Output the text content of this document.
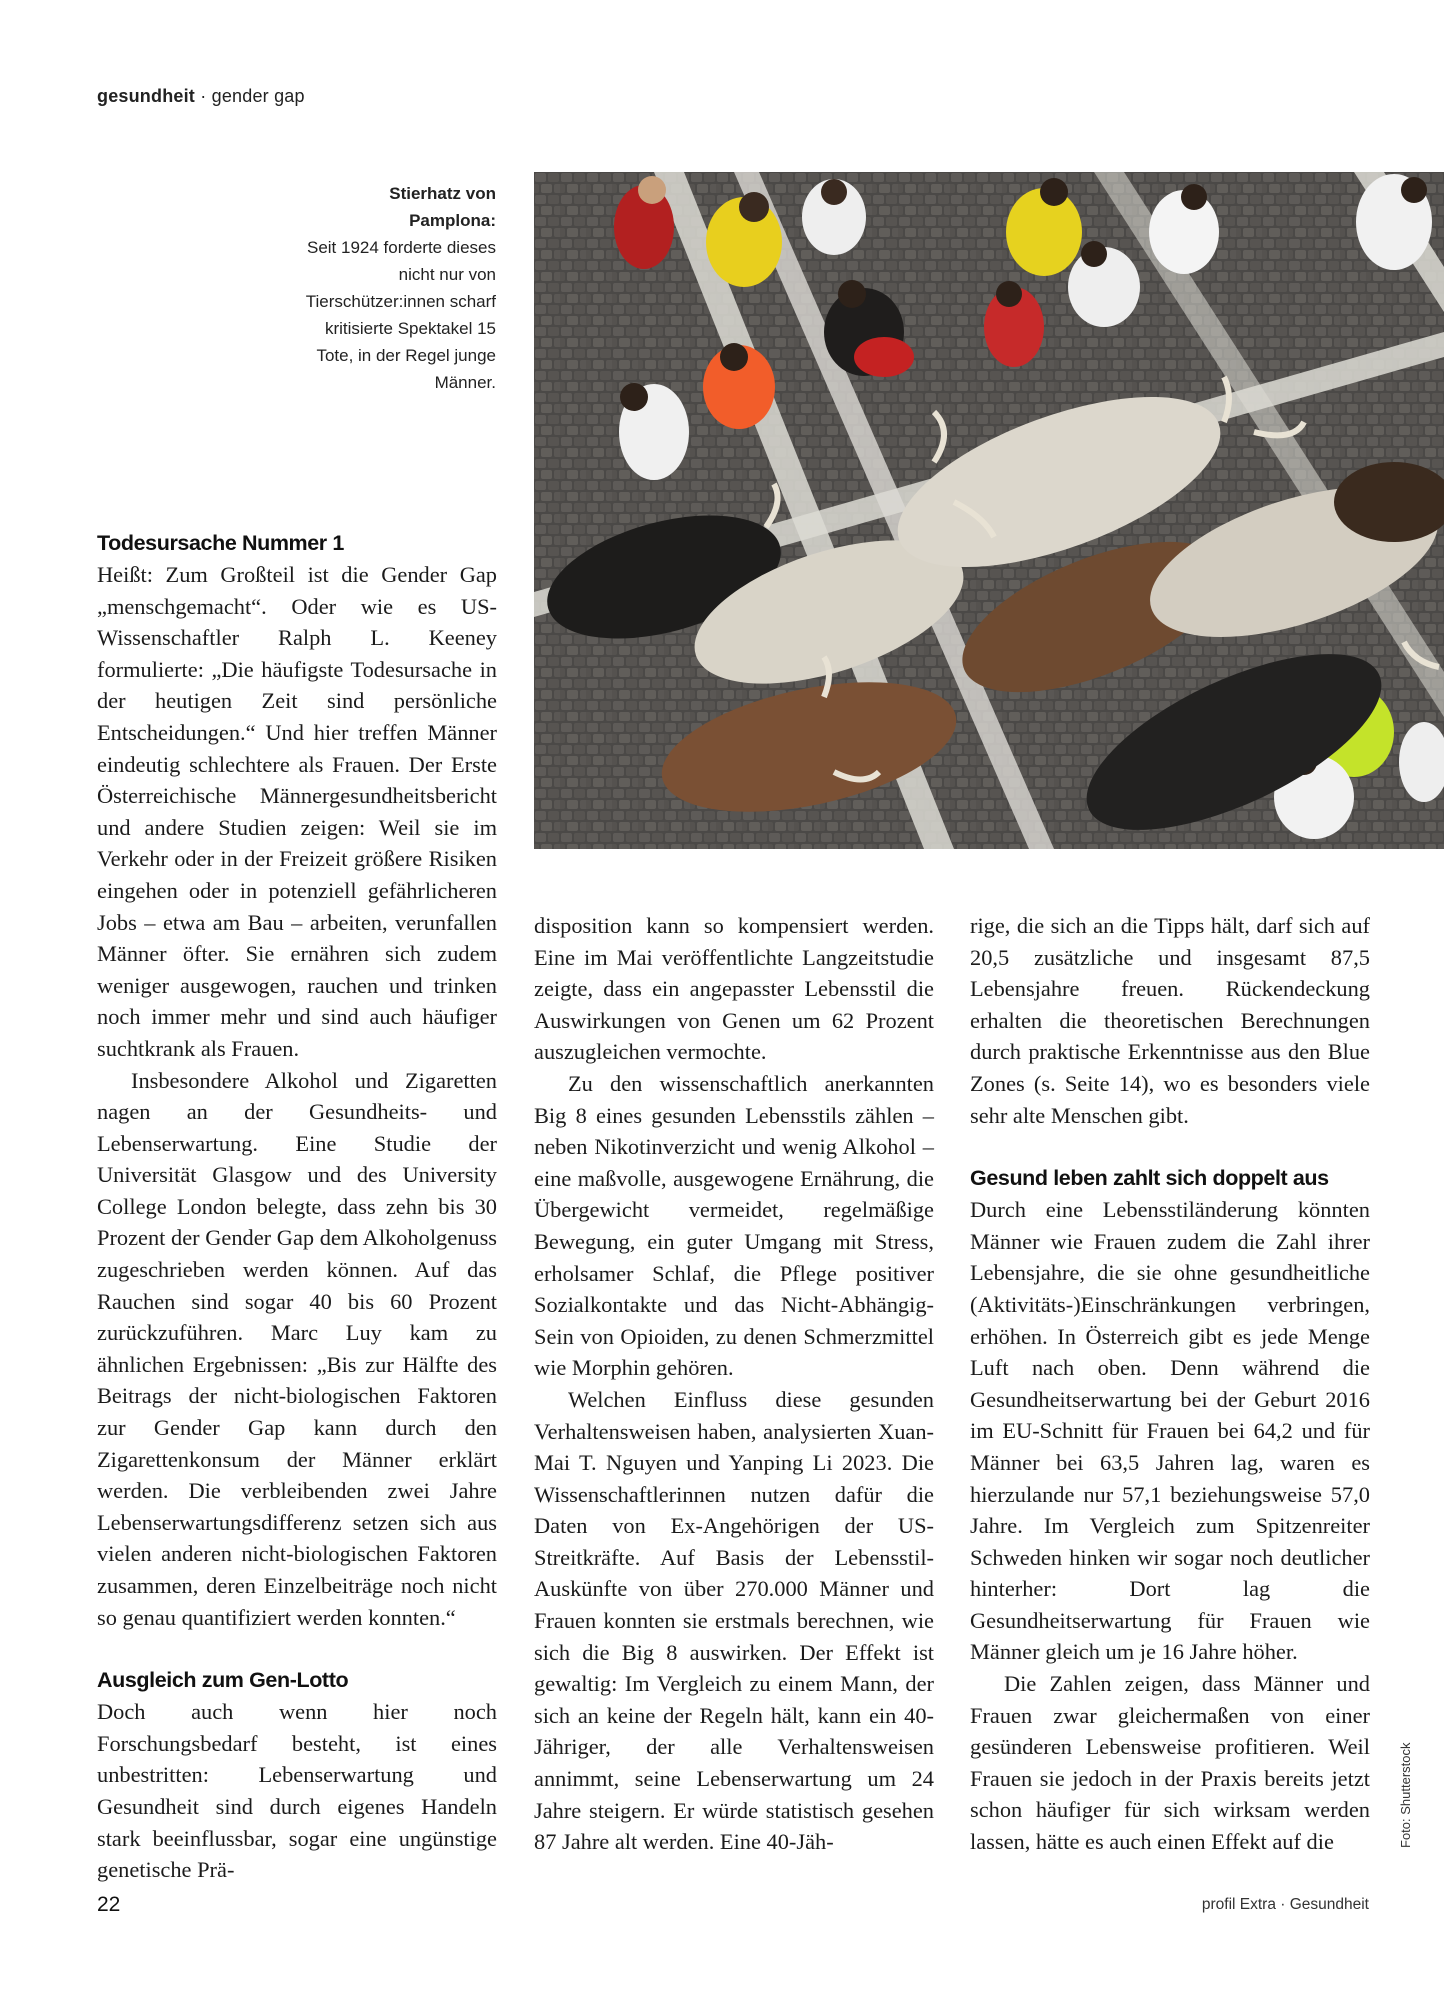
gesundheit · gender gap
Stierhatz von Pamplona:
Seit 1924 forderte dieses nicht nur von Tierschützer:innen scharf kritisierte Spektakel 15 Tote, in der Regel junge Männer.
Todesursache Nummer 1

Heißt: Zum Großteil ist die Gender Gap „menschgemacht“. Oder wie es US-Wissenschaftler Ralph L. Keeney formulierte: „Die häufigste Todesursache in der heutigen Zeit sind persönliche Entscheidungen.“ Und hier treffen Männer eindeutig schlechtere als Frauen. Der Erste Österreichische Männergesundheitsbericht und andere Studien zeigen: Weil sie im Verkehr oder in der Freizeit größere Risiken eingehen oder in potenziell gefährlicheren Jobs – etwa am Bau – arbeiten, verunfallen Männer öfter. Sie ernähren sich zudem weniger ausgewogen, rauchen und trinken noch immer mehr und sind auch häufiger suchtkrank als Frauen.

Insbesondere Alkohol und Zigaretten nagen an der Gesundheits- und Lebenserwartung. Eine Studie der Universität Glasgow und des University College London belegte, dass zehn bis 30 Prozent der Gender Gap dem Alkoholgenuss zugeschrieben werden können. Auf das Rauchen sind sogar 40 bis 60 Prozent zurückzuführen. Marc Luy kam zu ähnlichen Ergebnissen: „Bis zur Hälfte des Beitrags der nicht-biologischen Faktoren zur Gender Gap kann durch den Zigarettenkonsum der Männer erklärt werden. Die verbleibenden zwei Jahre Lebenserwartungsdifferenz setzen sich aus vielen anderen nicht-biologischen Faktoren zusammen, deren Einzelbeiträge noch nicht so genau quantifiziert werden konnten.“

Ausgleich zum Gen-Lotto

Doch auch wenn hier noch Forschungsbedarf besteht, ist eines unbestritten: Lebenserwartung und Gesundheit sind durch eigenes Handeln stark beeinflussbar, sogar eine ungünstige genetische Prä-

disposition kann so kompensiert werden. Eine im Mai veröffentlichte Langzeitstudie zeigte, dass ein angepasster Lebensstil die Auswirkungen von Genen um 62 Prozent auszugleichen vermochte.

Zu den wissenschaftlich anerkannten Big 8 eines gesunden Lebensstils zählen – neben Nikotinverzicht und wenig Alkohol – eine maßvolle, ausgewogene Ernährung, die Übergewicht vermeidet, regelmäßige Bewegung, ein guter Umgang mit Stress, erholsamer Schlaf, die Pflege positiver Sozialkontakte und das Nicht-Abhängig-Sein von Opioiden, zu denen Schmerzmittel wie Morphin gehören.

Welchen Einfluss diese gesunden Verhaltensweisen haben, analysierten Xuan-Mai T. Nguyen und Yanping Li 2023. Die Wissenschaftlerinnen nutzen dafür die Daten von Ex-Angehörigen der US-Streitkräfte. Auf Basis der Lebensstil-Auskünfte von über 270.000 Männer und Frauen konnten sie erstmals berechnen, wie sich die Big 8 auswirken. Der Effekt ist gewaltig: Im Vergleich zu einem Mann, der sich an keine der Regeln hält, kann ein 40-Jähriger, der alle Verhaltensweisen annimmt, seine Lebenserwartung um 24 Jahre steigern. Er würde statistisch gesehen 87 Jahre alt werden. Eine 40-Jäh-

rige, die sich an die Tipps hält, darf sich auf 20,5 zusätzliche und insgesamt 87,5 Lebensjahre freuen. Rückendeckung erhalten die theoretischen Berechnungen durch praktische Erkenntnisse aus den Blue Zones (s. Seite 14), wo es besonders viele sehr alte Menschen gibt.

Gesund leben zahlt sich doppelt aus

Durch eine Lebensstiländerung könnten Männer wie Frauen zudem die Zahl ihrer Lebensjahre, die sie ohne gesundheitliche (Aktivitäts-)Einschränkungen verbringen, erhöhen. In Österreich gibt es jede Menge Luft nach oben. Denn während die Gesundheitserwartung bei der Geburt 2016 im EU-Schnitt für Frauen bei 64,2 und für Männer bei 63,5 Jahren lag, waren es hierzulande nur 57,1 beziehungsweise 57,0 Jahre. Im Vergleich zum Spitzenreiter Schweden hinken wir sogar noch deutlicher hinterher: Dort lag die Gesundheitserwartung für Frauen wie Männer gleich um je 16 Jahre höher.

Die Zahlen zeigen, dass Männer und Frauen zwar gleichermaßen von einer gesünderen Lebensweise profitieren. Weil Frauen sie jedoch in der Praxis bereits jetzt schon häufiger für sich wirksam werden lassen, hätte es auch einen Effekt auf die	Foto: Shutterstock
22	profil Extra · Gesundheit
